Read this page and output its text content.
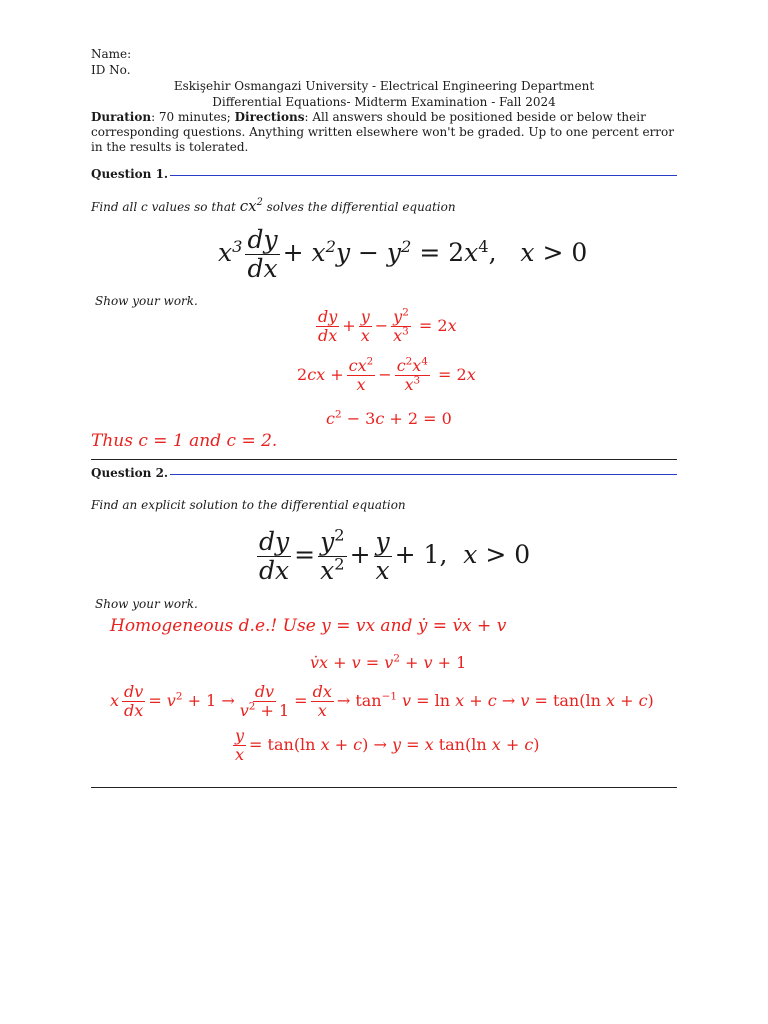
Name:
ID No.
Eskişehir Osmangazi University - Electrical Engineering Department
Differential Equations- Midterm Examination - Fall 2024
Duration: 70 minutes; Directions: All answers should be positioned beside or below their corresponding questions. Anything written elsewhere won't be graded. Up to one percent error in the results is tolerated.
Question 1.
Find all c values so that $cx^2$ solves the differential equation
$x^3 \frac{dy}{dx} + x^2y - y^2 = 2x^4$,   x > 0
Show your work.
$\frac{dy}{dx} + \frac{y}{x} - \frac{y^2}{x^3} = 2x$
$2cx + \frac{cx^2}{x} - \frac{c^2x^4}{x^3} = 2x$
$c^2 - 3c + 2 = 0$
Thus c = 1 and c = 2.
Question 2.
Find an explicit solution to the differential equation
$\frac{dy}{dx} = \frac{y^2}{x^2} + \frac{y}{x} + 1$,  x > 0
Show your work.
Homogeneous d.e.! Use y = vx and ẏ = v̇x + v
v̇x + $v = v^2 + v + 1$
x $\frac{dv}{dx} = v^2 + 1 \to \frac{dv}{v^2 + 1} = \frac{dx}{x} \to \tan^{-1} v = \ln x + c \to v = \tan(\ln$ x + c)
$\frac{y}{x} = \tan(\ln$ x + c) → y = x tan(ln x + c)
